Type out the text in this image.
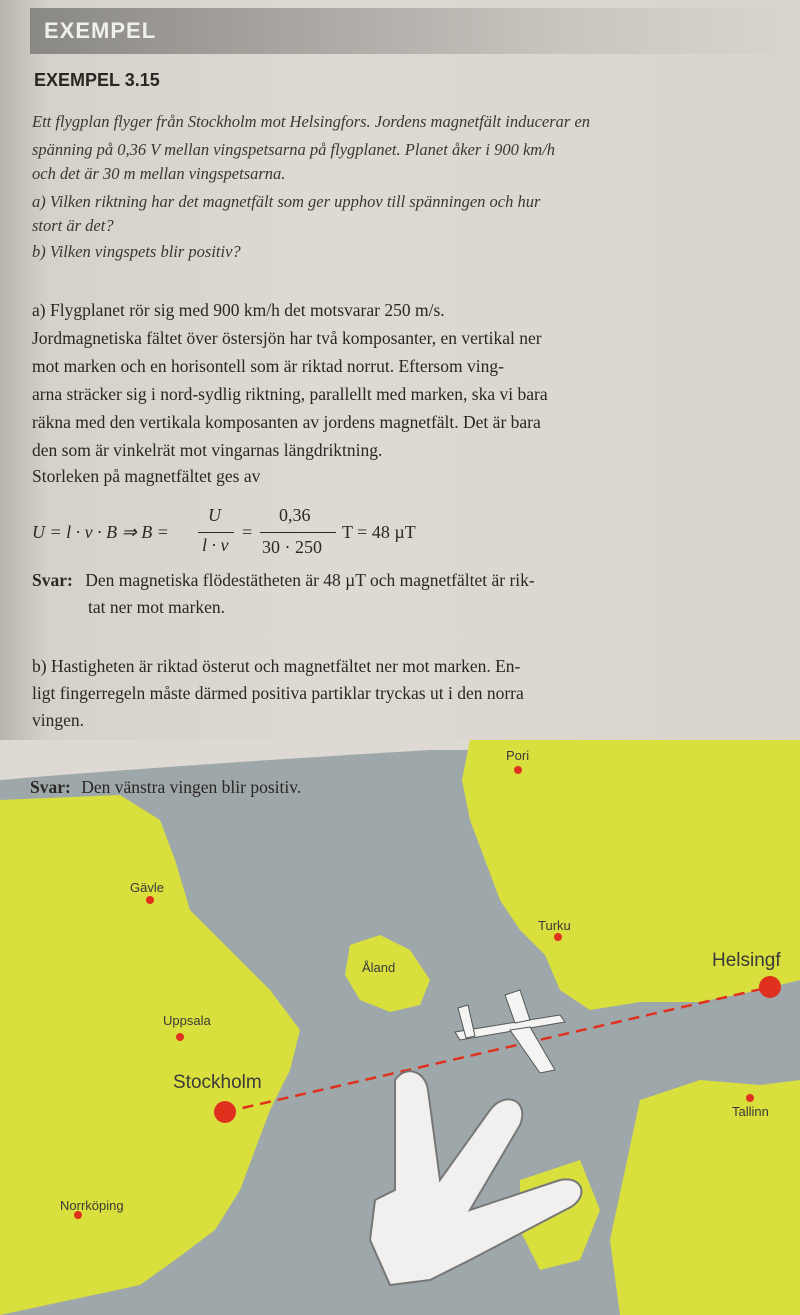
EXEMPEL
EXEMPEL 3.15
Ett flygplan flyger från Stockholm mot Helsingfors. Jordens magnetfält inducerar en
spänning på 0,36 V mellan vingspetsarna på flygplanet. Planet åker i 900 km/h
och det är 30 m mellan vingspetsarna.
a) Vilken riktning har det magnetfält som ger upphov till spänningen och hur
stort är det?
b) Vilken vingspets blir positiv?
a) Flygplanet rör sig med 900 km/h det motsvarar 250 m/s.
Jordmagnetiska fältet över östersjön har två komposanter, en vertikal ner
mot marken och en horisontell som är riktad norrut. Eftersom ving-
arna sträcker sig i nord-sydlig riktning, parallellt med marken, ska vi bara
räkna med den vertikala komposanten av jordens magnetfält. Det är bara
den som är vinkelrät mot vingarnas längdriktning.
Storleken på magnetfältet ges av
U = l · v · B ⇒ B =
U
l · v
=
0,36
30 · 250
T = 48 µT
Svar: Den magnetiska flödestätheten är 48 µT och magnetfältet är rik-
tat ner mot marken.
b) Hastigheten är riktad österut och magnetfältet ner mot marken. En-
ligt fingerregeln måste därmed positiva partiklar tryckas ut i den norra
vingen.
Pori
Gävle
Turku
Åland	Helsingf
Uppsala
Stockholm
Tallinn
Norrköping
Svar: Den vänstra vingen blir positiv.
